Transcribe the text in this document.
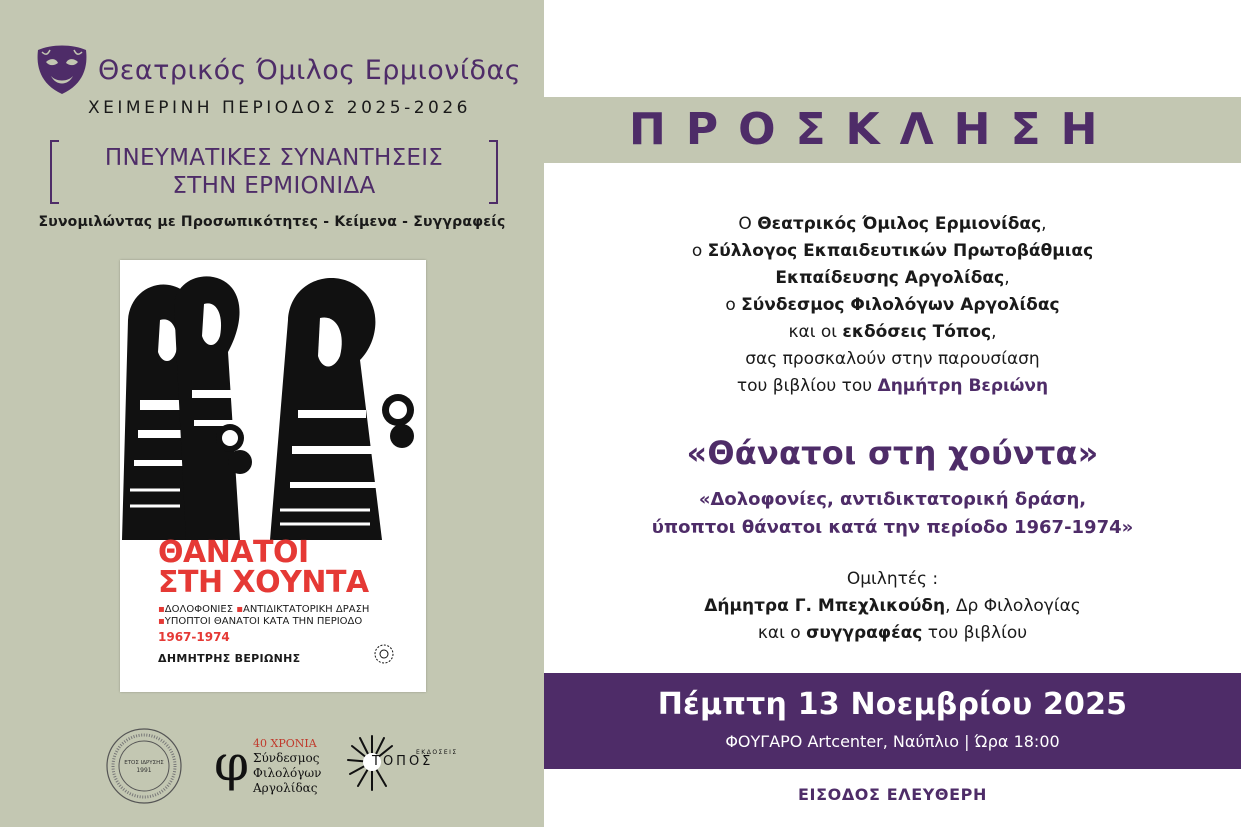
Θεατρικός Όμιλος Ερμιονίδας
ΧΕΙΜΕΡΙΝΗ ΠΕΡΙΟΔΟΣ 2025-2026
ΠΝΕΥΜΑΤΙΚΕΣ ΣΥΝΑΝΤΗΣΕΙΣ
ΣΤΗΝ ΕΡΜΙΟΝΙΔΑ
Συνομιλώντας με Προσωπικότητες - Κείμενα - Συγγραφείς
ΘΑΝΑΤΟΙ
ΣΤΗ ΧΟΥΝΤΑ
▪ΔΟΛΟΦΟΝΙΕΣ ▪ΑΝΤΙΔΙΚΤΑΤΟΡΙΚΗ ΔΡΑΣΗ
▪ΥΠΟΠΤΟΙ ΘΑΝΑΤΟΙ ΚΑΤΑ ΤΗΝ ΠΕΡΙΟΔΟ
1967-1974
ΔΗΜΗΤΡΗΣ ΒΕΡΙΩΝΗΣ
ΕΤΟΣ ΙΔΡΥΣΗΣ
1991 φ 40 ΧΡΟΝΙΑ
Σύνδεσμος
Φιλολόγων
Αργολίδας
ΕΚΔΟΣΕΙΣ
ΤΟΠΟΣ
ΠΡΟΣΚΛΗΣΗ
Ο Θεατρικός Όμιλος Ερμιονίδας,
ο Σύλλογος Εκπαιδευτικών Πρωτοβάθμιας
Εκπαίδευσης Αργολίδας,
ο Σύνδεσμος Φιλολόγων Αργολίδας
και οι εκδόσεις Τόπος,
σας προσκαλούν στην παρουσίαση
του βιβλίου του Δημήτρη Βεριώνη
«Θάνατοι στη χούντα»
«Δολοφονίες, αντιδικτατορική δράση,
ύποπτοι θάνατοι κατά την περίοδο 1967-1974»
Ομιλητές :
Δήμητρα Γ. Μπεχλικούδη, Δρ Φιλολογίας
και ο συγγραφέας του βιβλίου
Πέμπτη 13 Νοεμβρίου 2025
ΦΟΥΓΑΡΟ Artcenter, Ναύπλιο | Ώρα 18:00
ΕΙΣΟΔΟΣ ΕΛΕΥΘΕΡΗ
